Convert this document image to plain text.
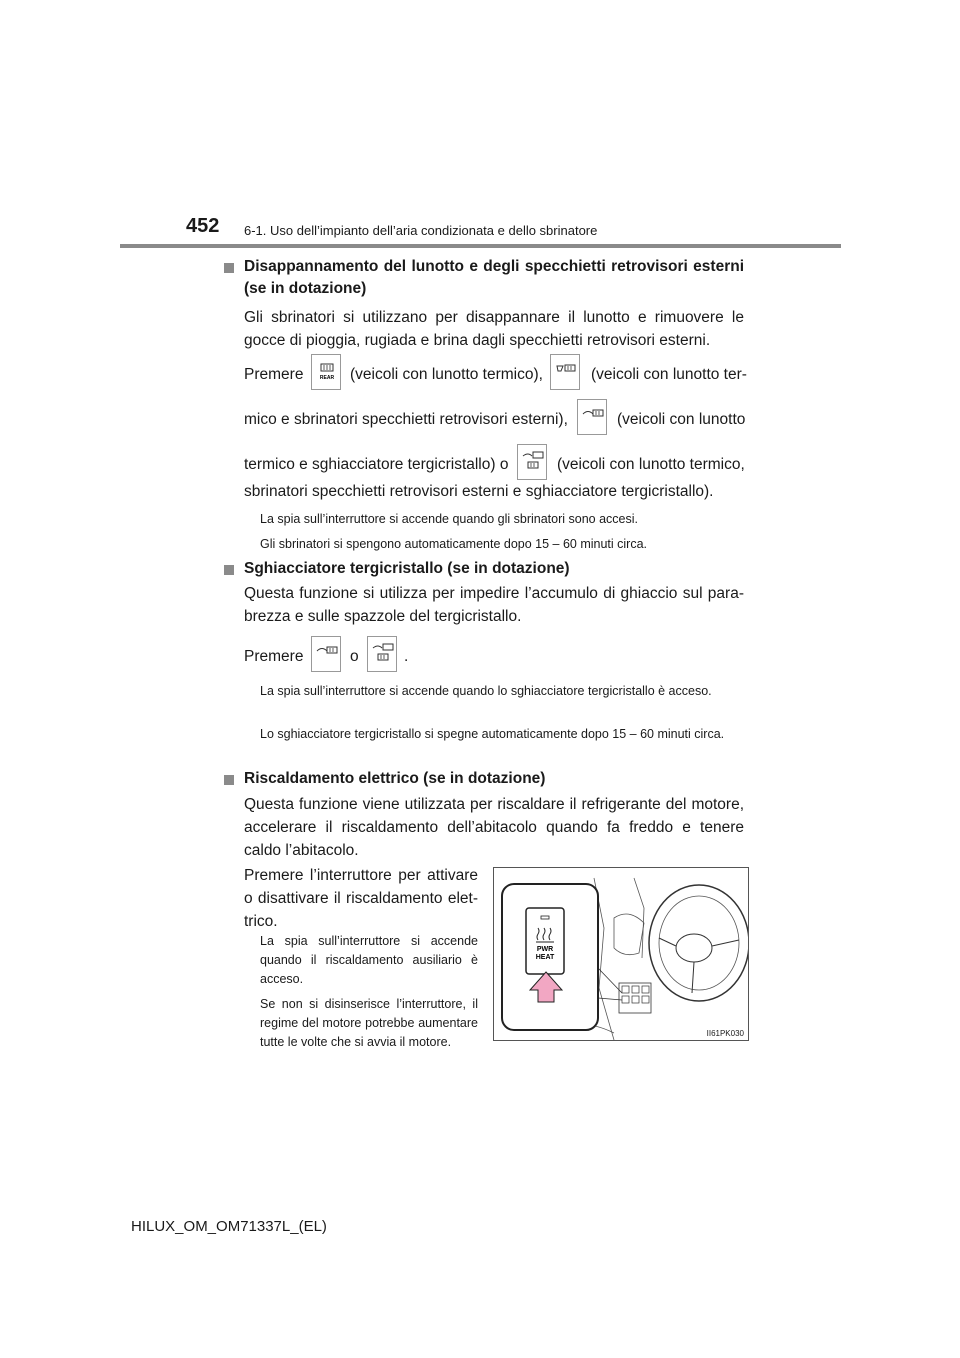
452 6-1. Uso dell’impianto dell’aria condizionata e dello sbrinatore
Disappannamento del lunotto e degli specchietti retrovisori esterni
(se in dotazione)
Gli sbrinatori si utilizzano per disappannare il lunotto e rimuovere le gocce di pioggia, rugiada e brina dagli specchietti retrovisori esterni.
Premere	REAR (veicoli con lunotto termico),	(veicoli con lunotto ter-
mico e sbrinatori specchietti retrovisori esterni),	(veicoli con lunotto
termico e sghiacciatore tergicristallo) o	(veicoli con lunotto termico,
sbrinatori specchietti retrovisori esterni e sghiacciatore tergicristallo).
La spia sull’interruttore si accende quando gli sbrinatori sono accesi.
Gli sbrinatori si spengono automaticamente dopo 15 – 60 minuti circa.
Sghiacciatore tergicristallo (se in dotazione)
Questa funzione si utilizza per impedire l’accumulo di ghiaccio sul para-brezza e sulle spazzole del tergicristallo.
Premere	o	.
La spia sull’interruttore si accende quando lo sghiacciatore tergicristallo è acceso.
Lo sghiacciatore tergicristallo si spegne automaticamente dopo 15 – 60 minuti circa.
Riscaldamento elettrico (se in dotazione)
Questa funzione viene utilizzata per riscaldare il refrigerante del motore, accelerare il riscaldamento dell’abitacolo quando fa freddo e tenere caldo l’abitacolo.
Premere l’interruttore per attivare o disattivare il riscaldamento elet-trico.
La spia sull’interruttore si accende quando il riscaldamento ausiliario è acceso.
Se non si disinserisce l’interruttore, il regime del motore potrebbe aumentare tutte le volte che si avvia il motore.
PWR
HEAT
II61PK030
HILUX_OM_OM71337L_(EL)
